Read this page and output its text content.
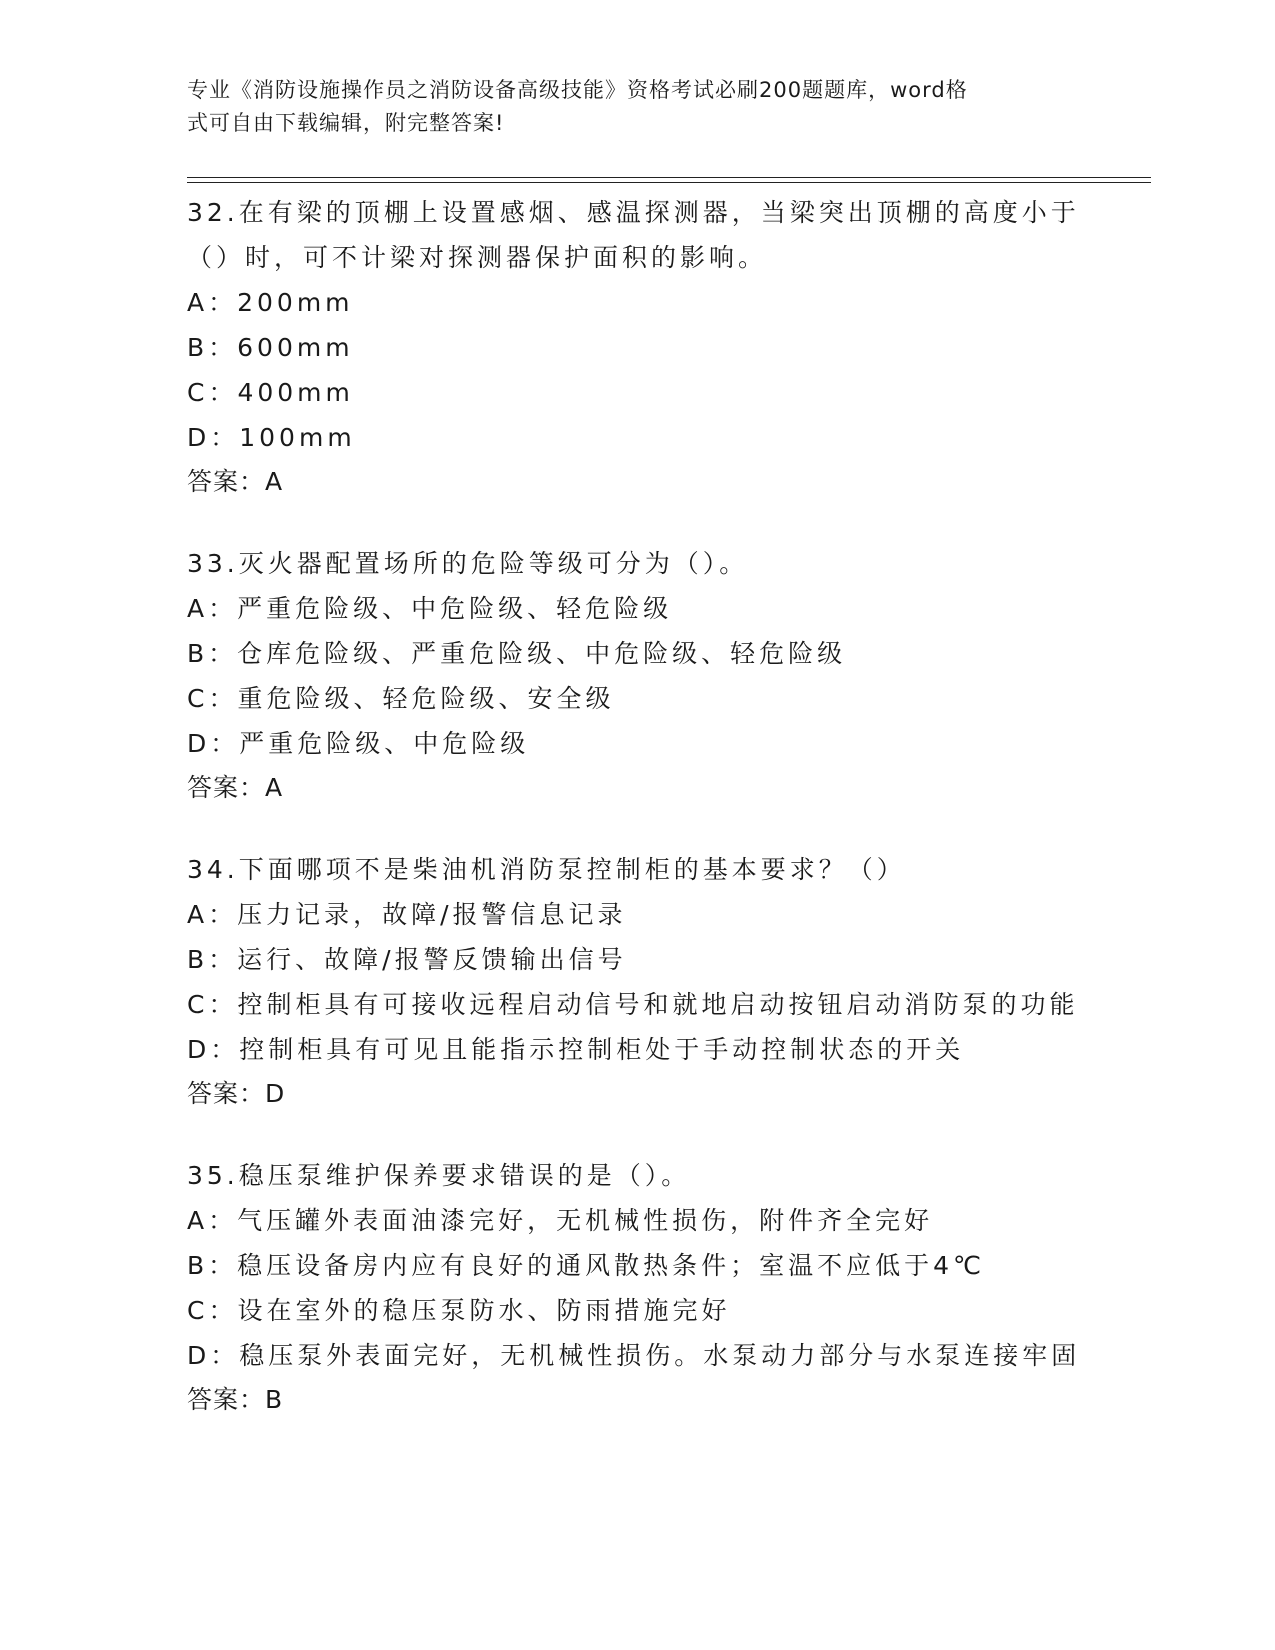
专业《消防设施操作员之消防设备高级技能》资格考试必刷200题题库，word格
式可自由下载编辑，附完整答案!

32.在有梁的顶棚上设置感烟、感温探测器，当梁突出顶棚的高度小于

（）时，可不计梁对探测器保护面积的影响。

A：200mm

B：600mm

C：400mm

D：100mm

答案：A

33.灭火器配置场所的危险等级可分为（）。

A：严重危险级、中危险级、轻危险级

B：仓库危险级、严重危险级、中危险级、轻危险级

C：重危险级、轻危险级、安全级

D：严重危险级、中危险级

答案：A

34.下面哪项不是柴油机消防泵控制柜的基本要求？（）

A：压力记录，故障/报警信息记录

B：运行、故障/报警反馈输出信号

C：控制柜具有可接收远程启动信号和就地启动按钮启动消防泵的功能

D：控制柜具有可见且能指示控制柜处于手动控制状态的开关

答案：D

35.稳压泵维护保养要求错误的是（）。

A：气压罐外表面油漆完好，无机械性损伤，附件齐全完好

B：稳压设备房内应有良好的通风散热条件；室温不应低于4℃

C：设在室外的稳压泵防水、防雨措施完好

D：稳压泵外表面完好，无机械性损伤。水泵动力部分与水泵连接牢固

答案：B
